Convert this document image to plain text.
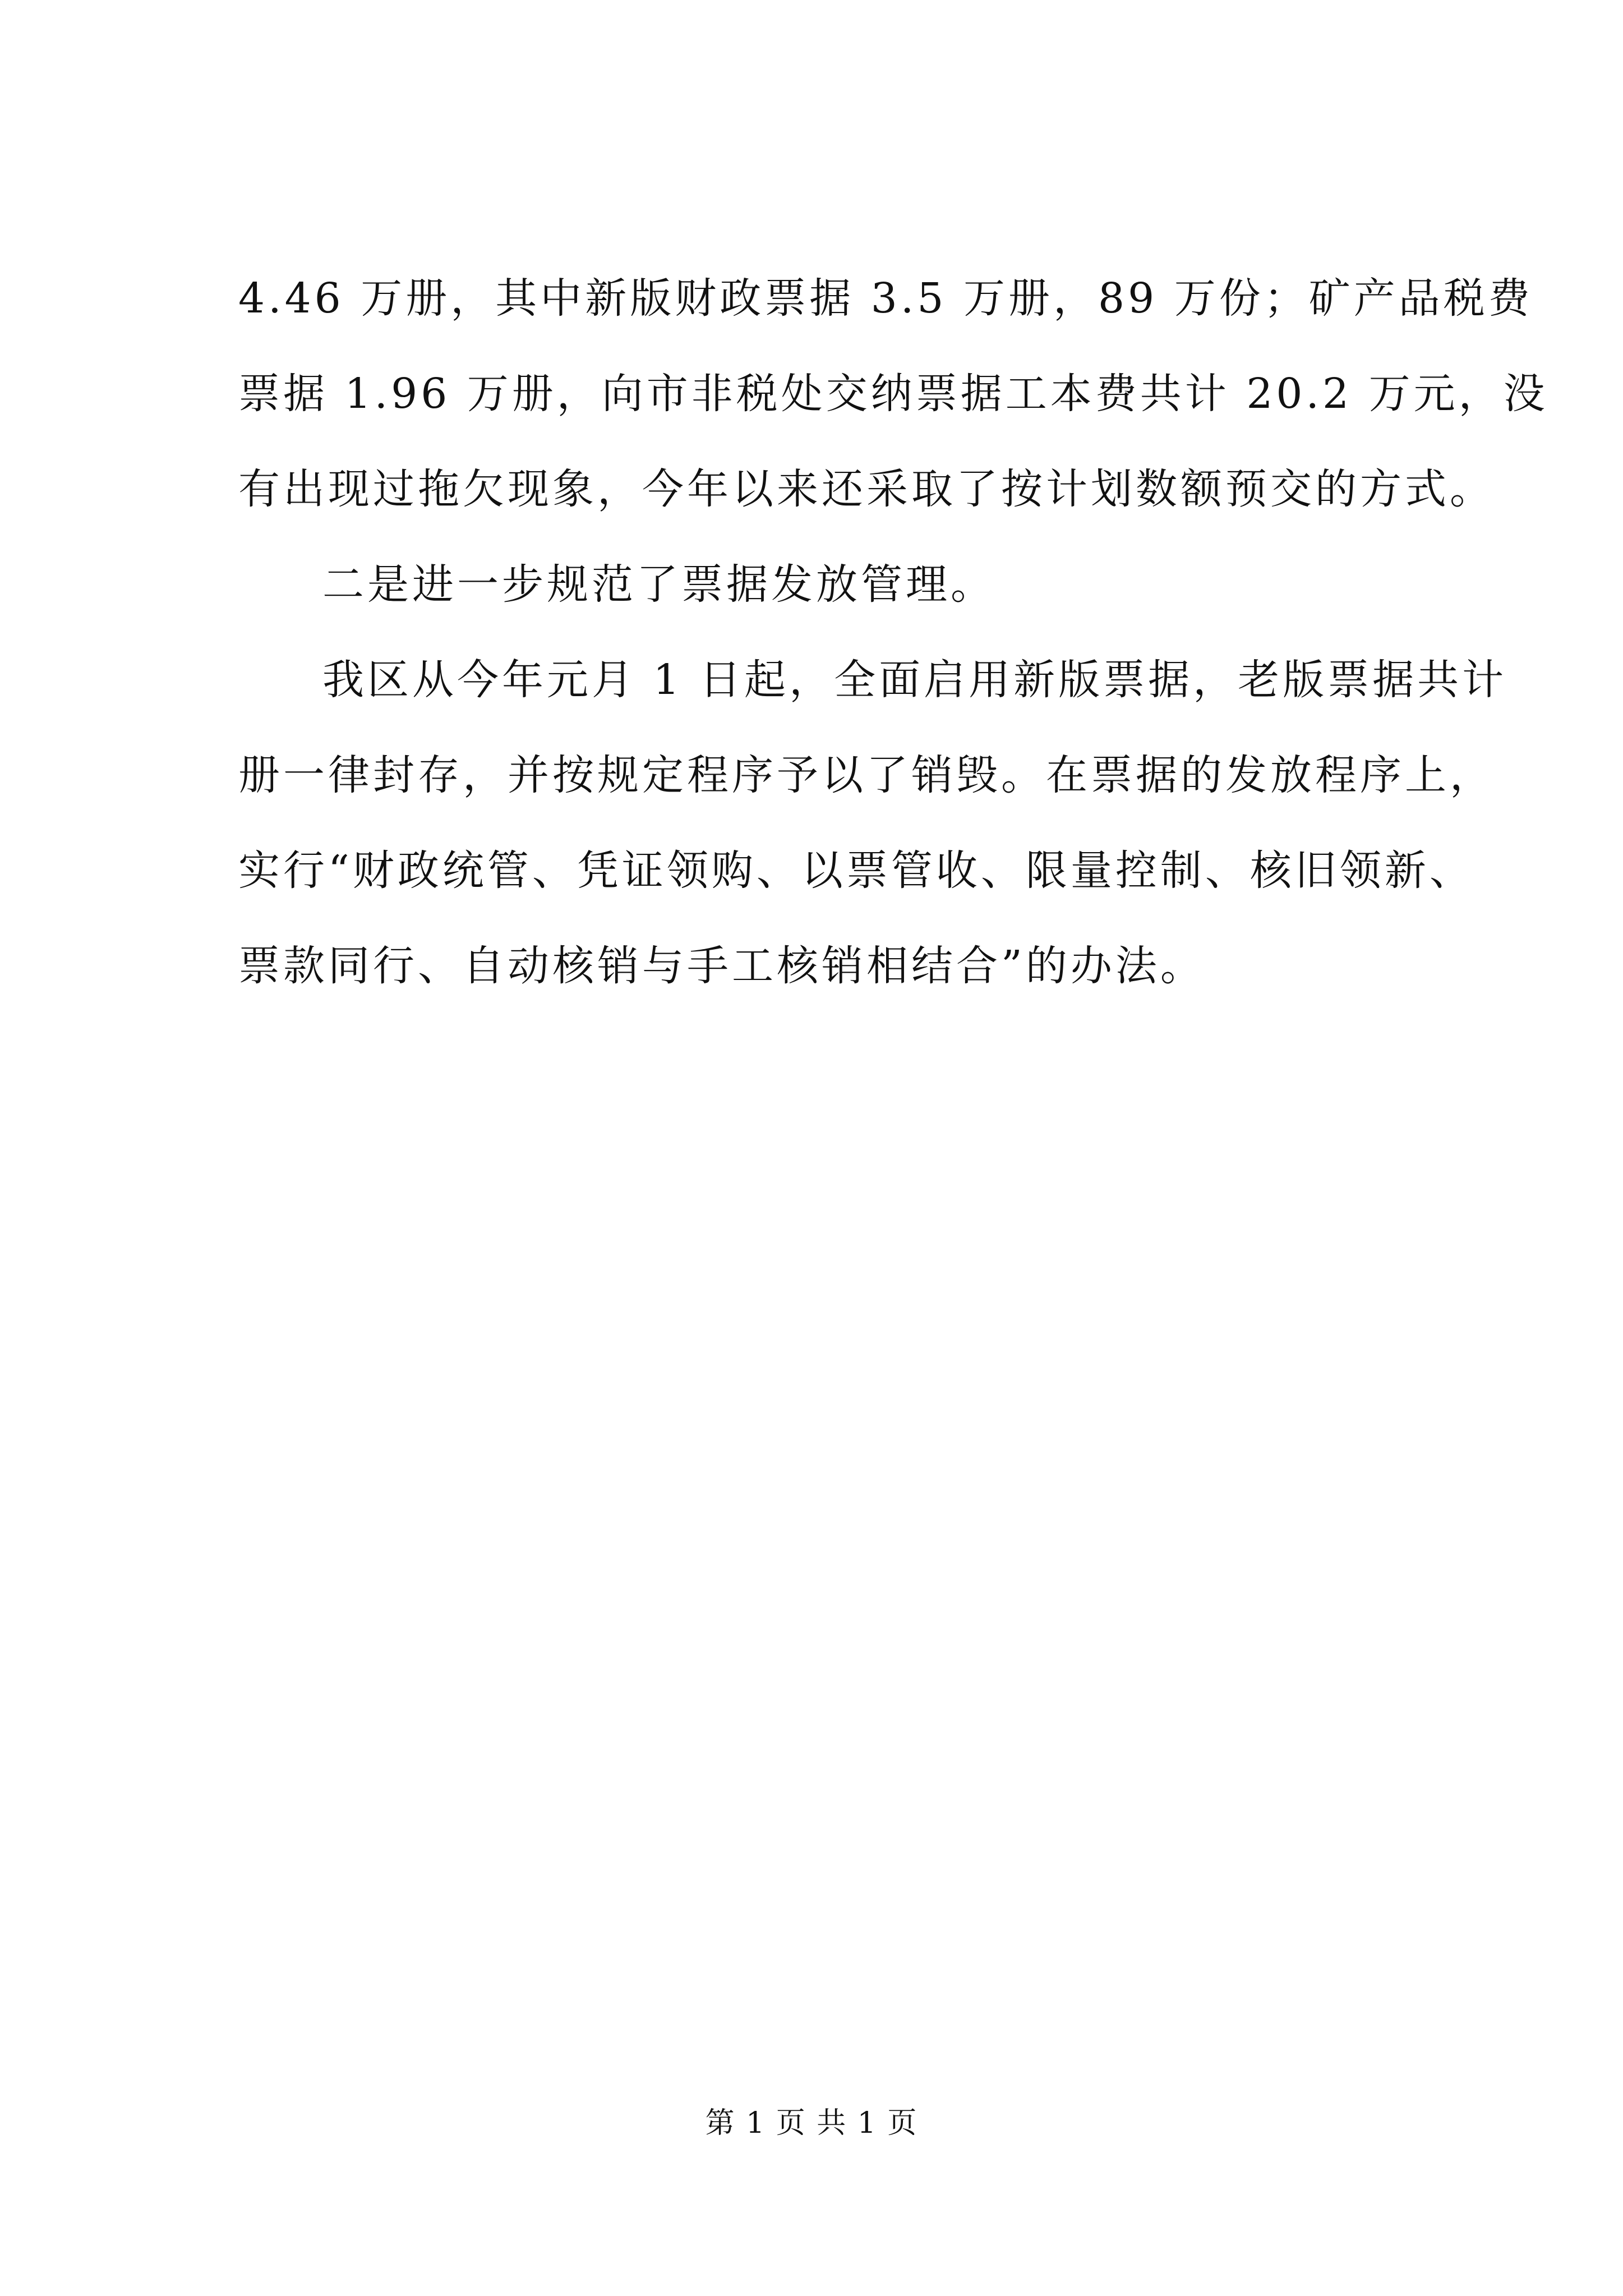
4.46 万册，其中新版财政票据 3.5 万册，89 万份；矿产品税费
票据 1.96 万册，向市非税处交纳票据工本费共计 20.2 万元，没
有出现过拖欠现象，今年以来还采取了按计划数额预交的方式。
二是进一步规范了票据发放管理。
我区从今年元月 1 日起，全面启用新版票据，老版票据共计
册一律封存，并按规定程序予以了销毁。在票据的发放程序上，
实行“财政统管、凭证领购、以票管收、限量控制、核旧领新、
票款同行、自动核销与手工核销相结合”的办法。
第 1 页 共 1 页
